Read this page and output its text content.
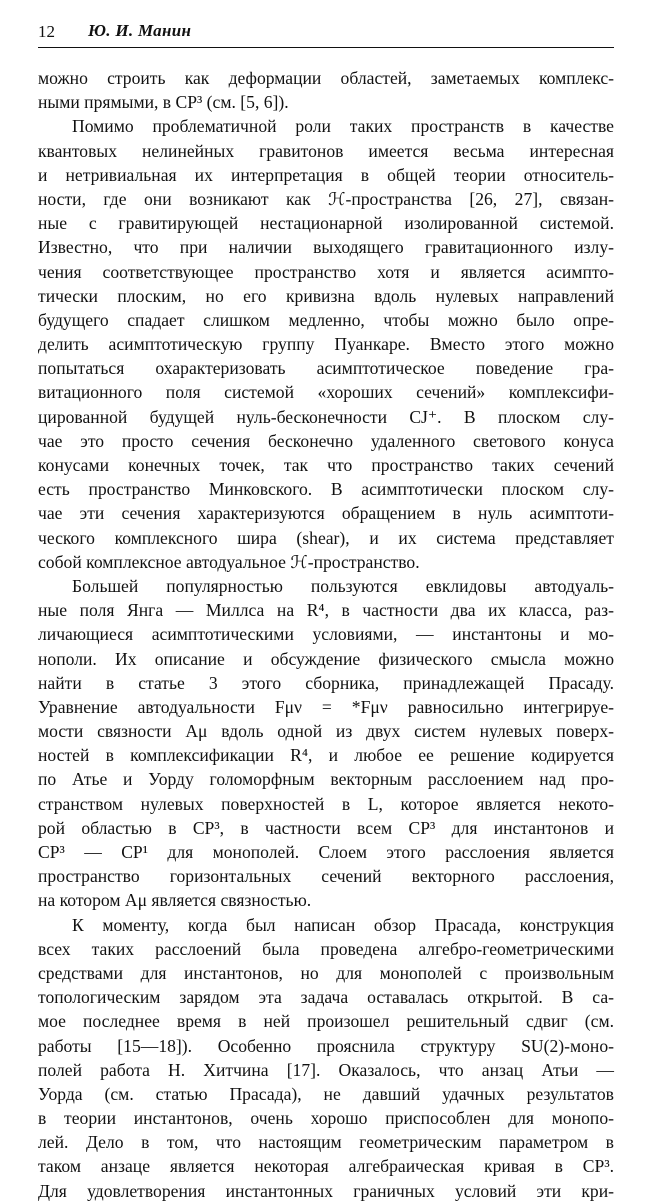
12 Ю. И. Манин
можно строить как деформации областей, заметаемых комплекс-
ными прямыми, в CP³ (см. [5, 6]).
Помимо проблематичной роли таких пространств в качестве
квантовых нелинейных гравитонов имеется весьма интересная
и нетривиальная их интерпретация в общей теории относитель-
ности, где они возникают как ℋ-пространства [26, 27], связан-
ные с гравитирующей нестационарной изолированной системой.
Известно, что при наличии выходящего гравитационного излу-
чения соответствующее пространство хотя и является асимпто-
тически плоским, но его кривизна вдоль нулевых направлений
будущего спадает слишком медленно, чтобы можно было опре-
делить асимптотическую группу Пуанкаре. Вместо этого можно
попытаться охарактеризовать асимптотическое поведение гра-
витационного поля системой «хороших сечений» комплексифи-
цированной будущей нуль-бесконечности CJ⁺. В плоском слу-
чае это просто сечения бесконечно удаленного светового конуса
конусами конечных точек, так что пространство таких сечений
есть пространство Минковского. В асимптотически плоском слу-
чае эти сечения характеризуются обращением в нуль асимптоти-
ческого комплексного шира (shear), и их система представляет
собой комплексное автодуальное ℋ-пространство.
Большей популярностью пользуются евклидовы автодуаль-
ные поля Янга — Миллса на R⁴, в частности два их класса, раз-
личающиеся асимптотическими условиями, — инстантоны и мо-
нополи. Их описание и обсуждение физического смысла можно
найти в статье 3 этого сборника, принадлежащей Прасаду.
Уравнение автодуальности Fμν = *Fμν равносильно интегрируе-
мости связности Aμ вдоль одной из двух систем нулевых поверх-
ностей в комплексификации R⁴, и любое ее решение кодируется
по Атье и Уорду голоморфным векторным расслоением над про-
странством нулевых поверхностей в L, которое является некото-
рой областью в CP³, в частности всем CP³ для инстантонов и
CP³ — CP¹ для монополей. Слоем этого расслоения является
пространство горизонтальных сечений векторного расслоения,
на котором Aμ является связностью.
К моменту, когда был написан обзор Прасада, конструкция
всех таких расслоений была проведена алгебро-геометрическими
средствами для инстантонов, но для монополей с произвольным
топологическим зарядом эта задача оставалась открытой. В са-
мое последнее время в ней произошел решительный сдвиг (см.
работы [15—18]). Особенно прояснила структуру SU(2)-моно-
полей работа Н. Хитчина [17]. Оказалось, что анзац Атьи —
Уорда (см. статью Прасада), не давший удачных результатов
в теории инстантонов, очень хорошо приспособлен для монопо-
лей. Дело в том, что настоящим геометрическим параметром в
таком анзаце является некоторая алгебраическая кривая в CP³.
Для удовлетворения инстантонных граничных условий эти кри-
